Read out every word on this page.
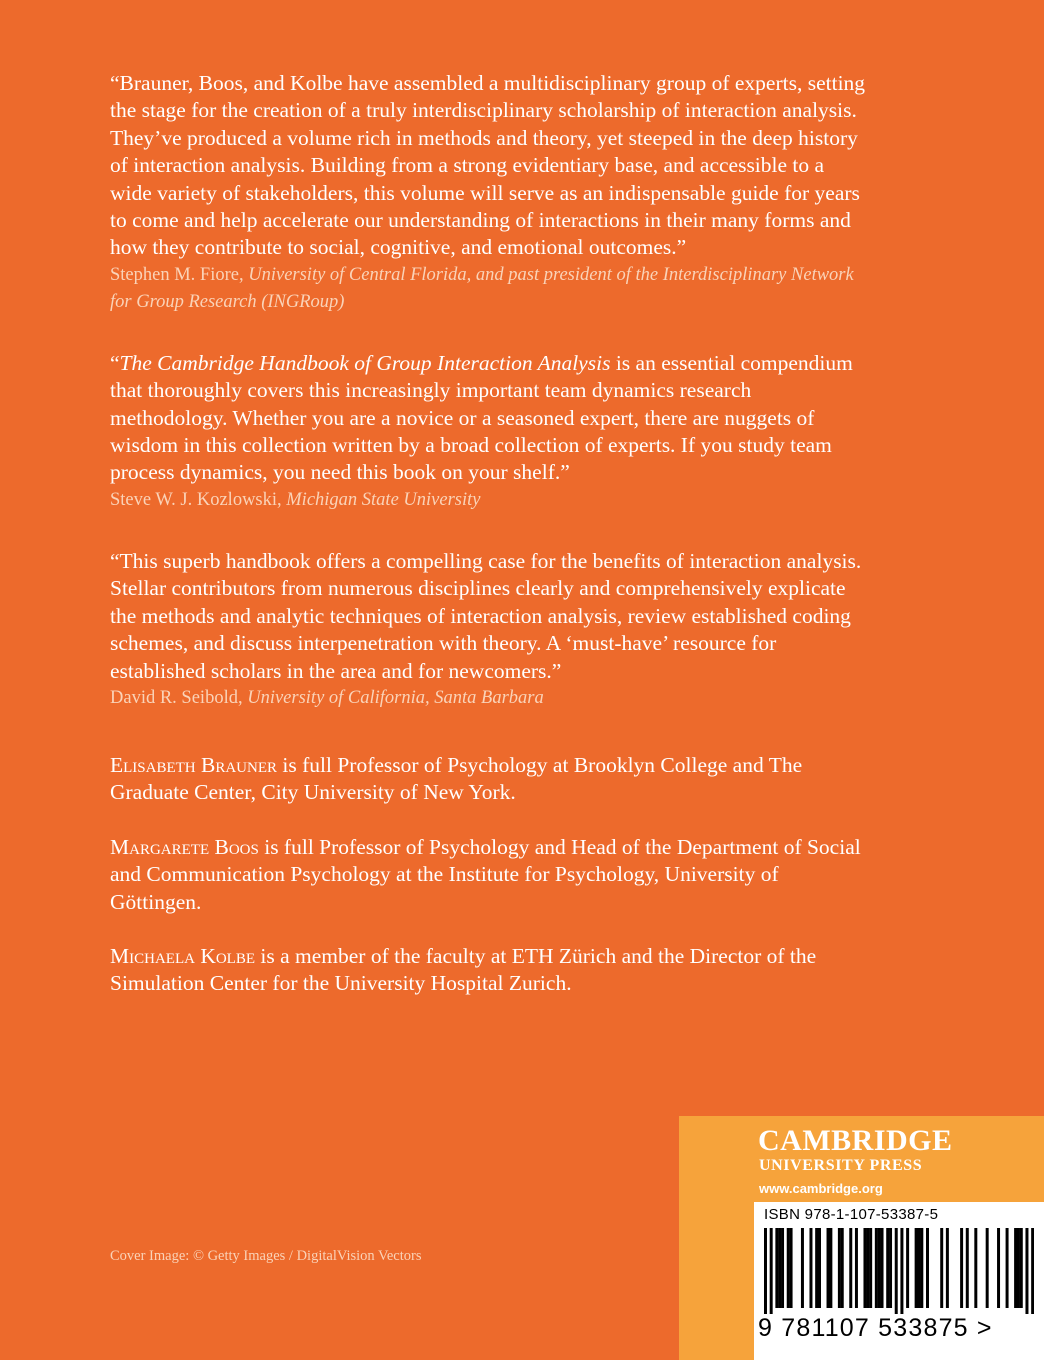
“Brauner, Boos, and Kolbe have assembled a multidisciplinary group of experts, setting the stage for the creation of a truly interdisciplinary scholarship of interaction analysis. They’ve produced a volume rich in methods and theory, yet steeped in the deep history of interaction analysis. Building from a strong evidentiary base, and accessible to a wide variety of stakeholders, this volume will serve as an indispensable guide for years to come and help accelerate our understanding of interactions in their many forms and how they contribute to social, cognitive, and emotional outcomes.”

Stephen M. Fiore, University of Central Florida, and past president of the Interdisciplinary Network for Group Research (INGRoup)

“The Cambridge Handbook of Group Interaction Analysis is an essential compendium that thoroughly covers this increasingly important team dynamics research methodology. Whether you are a novice or a seasoned expert, there are nuggets of wisdom in this collection written by a broad collection of experts. If you study team process dynamics, you need this book on your shelf.”

Steve W. J. Kozlowski, Michigan State University

“This superb handbook offers a compelling case for the benefits of interaction analysis. Stellar contributors from numerous disciplines clearly and comprehensively explicate the methods and analytic techniques of interaction analysis, review established coding schemes, and discuss interpenetration with theory. A ‘must-have’ resource for established scholars in the area and for newcomers.”

David R. Seibold, University of California, Santa Barbara

Elisabeth Brauner is full Professor of Psychology at Brooklyn College and The Graduate Center, City University of New York.

Margarete Boos is full Professor of Psychology and Head of the Department of Social and Communication Psychology at the Institute for Psychology, University of Göttingen.

Michaela Kolbe is a member of the faculty at ETH Zürich and the Director of the Simulation Center for the University Hospital Zurich.

Cover Image: © Getty Images / DigitalVision Vectors
CAMBRIDGE
UNIVERSITY PRESS
www.cambridge.org
ISBN 978-1-107-53387-5
9 781107 533875 >
